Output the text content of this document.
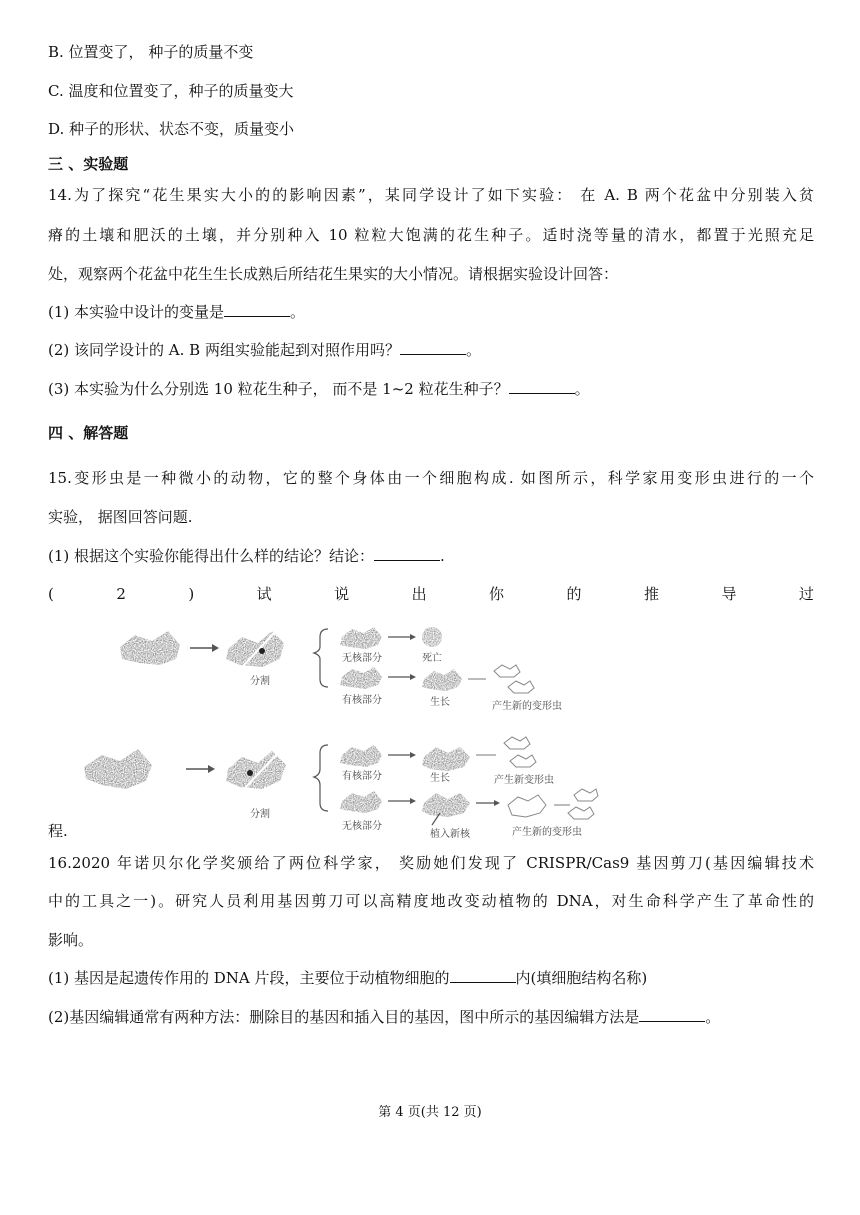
B. 位置变了， 种子的质量不变
C. 温度和位置变了，种子的质量变大
D. 种子的形状、状态不变，质量变小
三 、实验题
14.为了探究“花生果实大小的的影响因素”，某同学设计了如下实验： 在 A. B 两个花盆中分别装入贫
瘠的土壤和肥沃的土壤，并分别种入 10 粒粒大饱满的花生种子。适时浇等量的清水，都置于光照充足
处，观察两个花盆中花生生长成熟后所结花生果实的大小情况。请根据实验设计回答：
(1) 本实验中设计的变量是	。
(2) 该同学设计的 A. B 两组实验能起到对照作用吗？	。
(3) 本实验为什么分别选 10 粒花生种子， 而不是 1~2 粒花生种子？	。
四 、解答题
15.变形虫是一种微小的动物，它的整个身体由一个细胞构成. 如图所示，科学家用变形虫进行的一个
实验， 据图回答问题.
(1) 根据这个实验你能得出什么样的结论？结论：	.
(	2	)	试	说	出	你	的	推	导	过
分割
无核部分	死亡
有核部分	生长	产生新的变形虫
分割
有核部分	生长	产生新变形虫
无核部分
植入新核	产生新的变形虫
程.
16.2020 年诺贝尔化学奖颁给了两位科学家， 奖励她们发现了 CRISPR/Cas9 基因剪刀(基因编辑技术
中的工具之一)。研究人员利用基因剪刀可以高精度地改变动植物的 DNA，对生命科学产生了革命性的
影响。
(1) 基因是起遗传作用的 DNA 片段，主要位于动植物细胞的	内(填细胞结构名称)
(2)基因编辑通常有两种方法：删除目的基因和插入目的基因，图中所示的基因编辑方法是	。
第 4 页(共 12 页)
